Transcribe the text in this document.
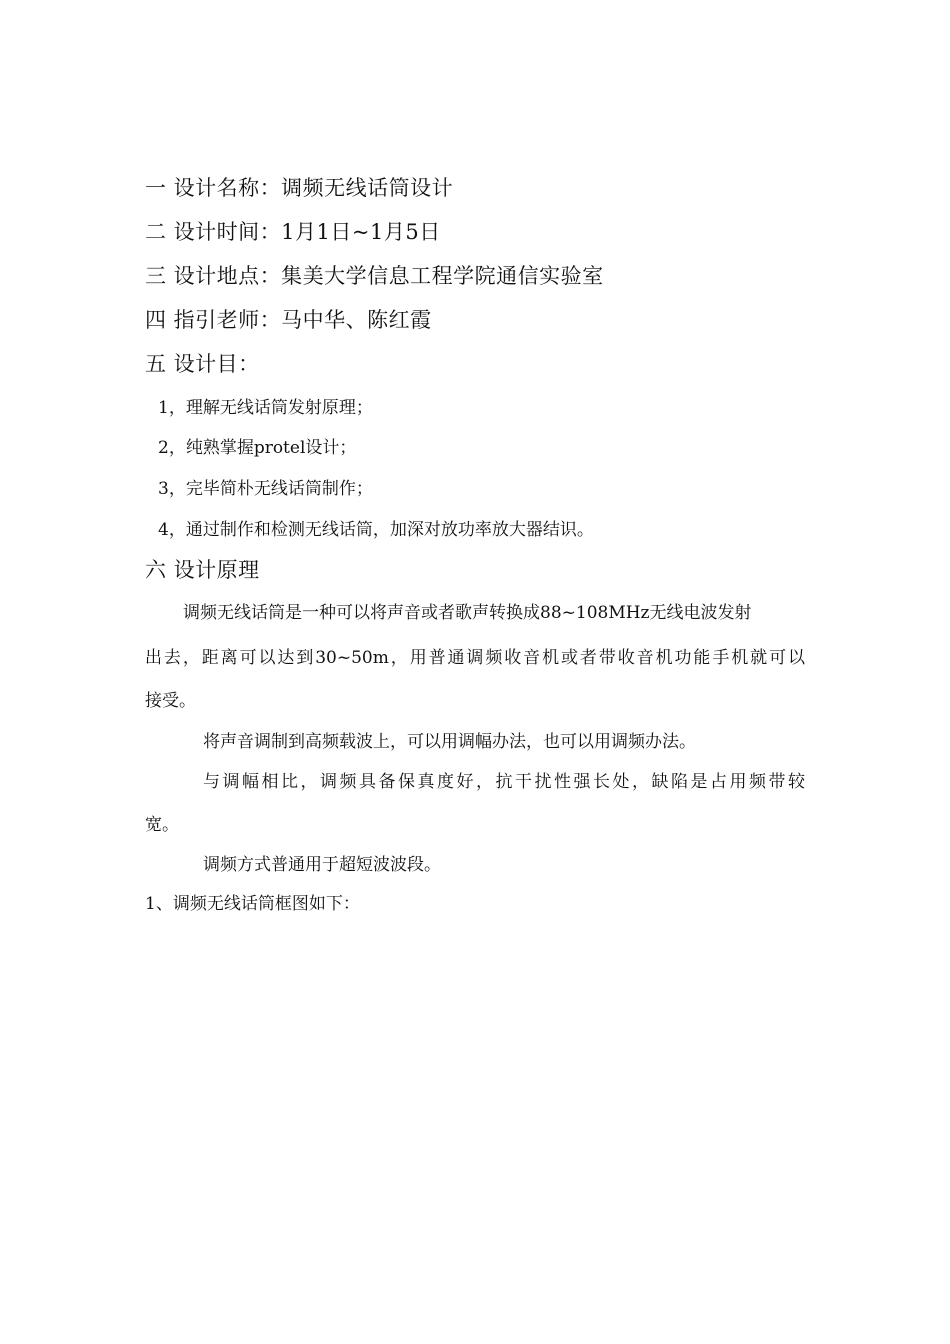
一 设计名称：调频无线话筒设计
二 设计时间：1月1日~1月5日
三 设计地点：集美大学信息工程学院通信实验室
四 指引老师：马中华、陈红霞
五 设计目：
1，理解无线话筒发射原理；
2，纯熟掌握protel设计；
3，完毕简朴无线话筒制作；
4，通过制作和检测无线话筒，加深对放功率放大器结识。
六 设计原理
调频无线话筒是一种可以将声音或者歌声转换成88~108MHz无线电波发射
出去，距离可以达到30~50m，用普通调频收音机或者带收音机功能手机就可以
接受。
将声音调制到高频载波上，可以用调幅办法，也可以用调频办法。
与调幅相比，调频具备保真度好，抗干扰性强长处，缺陷是占用频带较
宽。
调频方式普通用于超短波波段。
1、调频无线话筒框图如下：
